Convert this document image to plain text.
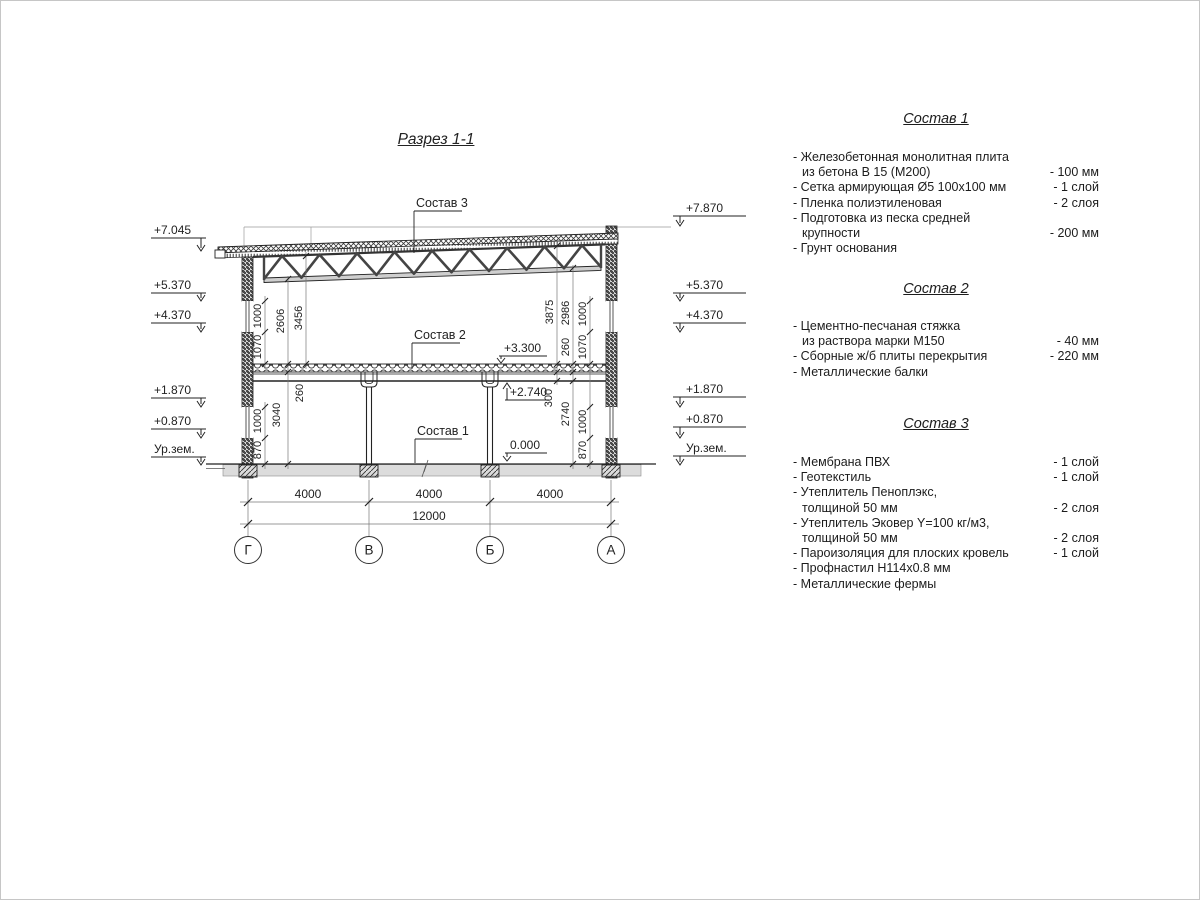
Разрез 1-1
1000
1070
2606 3456
260
3040
1000
870
3875 2986 1000
1070
260
300
2740 1000
870
+7.045
+5.370
+4.370
+1.870
+0.870
Ур.зем.
+7.870
+5.370
+4.370
+1.870
+0.870
Ур.зем.
+3.300
+2.740
0.000
Состав 3
Состав 2
Состав 1
4000	4000	4000
12000
Г	В	Б	А
Состав 1
- Железобетонная монолитная плита
из бетона В 15 (М200)	- 100 мм
- Сетка армирующая Ø5 100х100 мм	- 1 слой
- Пленка полиэтиленовая	- 2 слоя
- Подготовка из песка средней
крупности	- 200 мм
- Грунт основания
Состав 2
- Цементно-песчаная стяжка
из раствора марки М150	- 40 мм
- Сборные ж/б плиты перекрытия	- 220 мм
- Металлические балки
Состав 3
- Мембрана ПВХ	- 1 слой
- Геотекстиль	- 1 слой
- Утеплитель Пеноплэкс,
толщиной 50 мм	- 2 слоя
- Утеплитель Эковер Y=100 кг/м3,
толщиной 50 мм	- 2 слоя
- Пароизоляция для плоских кровель	- 1 слой
- Профнастил Н114х0.8 мм
- Металлические фермы
